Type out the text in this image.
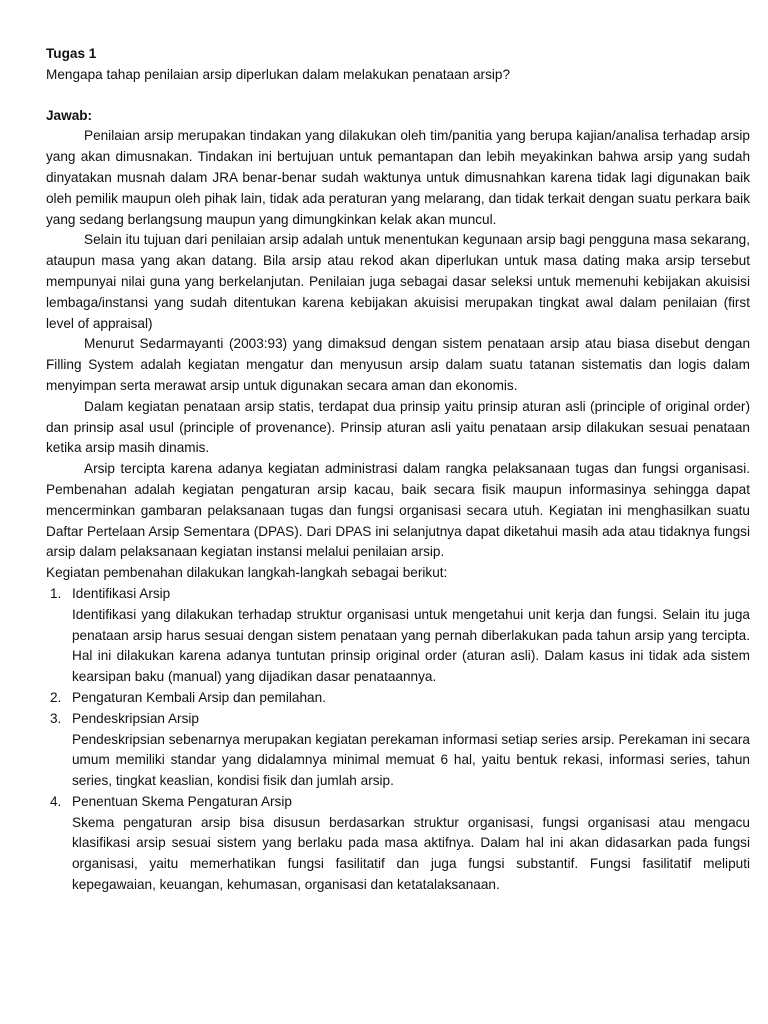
Tugas 1

Mengapa tahap penilaian arsip diperlukan dalam melakukan penataan arsip?

Jawab:

Penilaian arsip merupakan tindakan yang dilakukan oleh tim/panitia yang berupa kajian/analisa terhadap arsip yang akan dimusnakan. Tindakan ini bertujuan untuk pemantapan dan lebih meyakinkan bahwa arsip yang sudah dinyatakan musnah dalam JRA benar-benar sudah waktunya untuk dimusnahkan karena tidak lagi digunakan baik oleh pemilik maupun oleh pihak lain, tidak ada peraturan yang melarang, dan tidak terkait dengan suatu perkara baik yang sedang berlangsung maupun yang dimungkinkan kelak akan muncul.

Selain itu tujuan dari penilaian arsip adalah untuk menentukan kegunaan arsip bagi pengguna masa sekarang, ataupun masa yang akan datang. Bila arsip atau rekod akan diperlukan untuk masa dating maka arsip tersebut mempunyai nilai guna yang berkelanjutan. Penilaian juga sebagai dasar seleksi untuk memenuhi kebijakan akuisisi lembaga/instansi yang sudah ditentukan karena kebijakan akuisisi merupakan tingkat awal dalam penilaian (first level of appraisal)

Menurut Sedarmayanti (2003:93) yang dimaksud dengan sistem penataan arsip atau biasa disebut dengan Filling System adalah kegiatan mengatur dan menyusun arsip dalam suatu tatanan sistematis dan logis dalam menyimpan serta merawat arsip untuk digunakan secara aman dan ekonomis.

Dalam kegiatan penataan arsip statis, terdapat dua prinsip yaitu prinsip aturan asli (principle of original order) dan prinsip asal usul (principle of provenance). Prinsip aturan asli yaitu penataan arsip dilakukan sesuai penataan ketika arsip masih dinamis.

Arsip tercipta karena adanya kegiatan administrasi dalam rangka pelaksanaan tugas dan fungsi organisasi. Pembenahan adalah kegiatan pengaturan arsip kacau, baik secara fisik maupun informasinya sehingga dapat mencerminkan gambaran pelaksanaan tugas dan fungsi organisasi secara utuh. Kegiatan ini menghasilkan suatu Daftar Pertelaan Arsip Sementara (DPAS). Dari DPAS ini selanjutnya dapat diketahui masih ada atau tidaknya fungsi arsip dalam pelaksanaan kegiatan instansi melalui penilaian arsip.

Kegiatan pembenahan dilakukan langkah-langkah sebagai berikut:

1. Identifikasi Arsip
Identifikasi yang dilakukan terhadap struktur organisasi untuk mengetahui unit kerja dan fungsi. Selain itu juga penataan arsip harus sesuai dengan sistem penataan yang pernah diberlakukan pada tahun arsip yang tercipta. Hal ini dilakukan karena adanya tuntutan prinsip original order (aturan asli). Dalam kasus ini tidak ada sistem kearsipan baku (manual) yang dijadikan dasar penataannya.
2. Pengaturan Kembali Arsip dan pemilahan.
3. Pendeskripsian Arsip
Pendeskripsian sebenarnya merupakan kegiatan perekaman informasi setiap series arsip. Perekaman ini secara umum memiliki standar yang didalamnya minimal memuat 6 hal, yaitu bentuk rekasi, informasi series, tahun series, tingkat keaslian, kondisi fisik dan jumlah arsip.
4. Penentuan Skema Pengaturan Arsip
Skema pengaturan arsip bisa disusun berdasarkan struktur organisasi, fungsi organisasi atau mengacu klasifikasi arsip sesuai sistem yang berlaku pada masa aktifnya. Dalam hal ini akan didasarkan pada fungsi organisasi, yaitu memerhatikan fungsi fasilitatif dan juga fungsi substantif. Fungsi fasilitatif meliputi kepegawaian, keuangan, kehumasan, organisasi dan ketatalaksanaan.
